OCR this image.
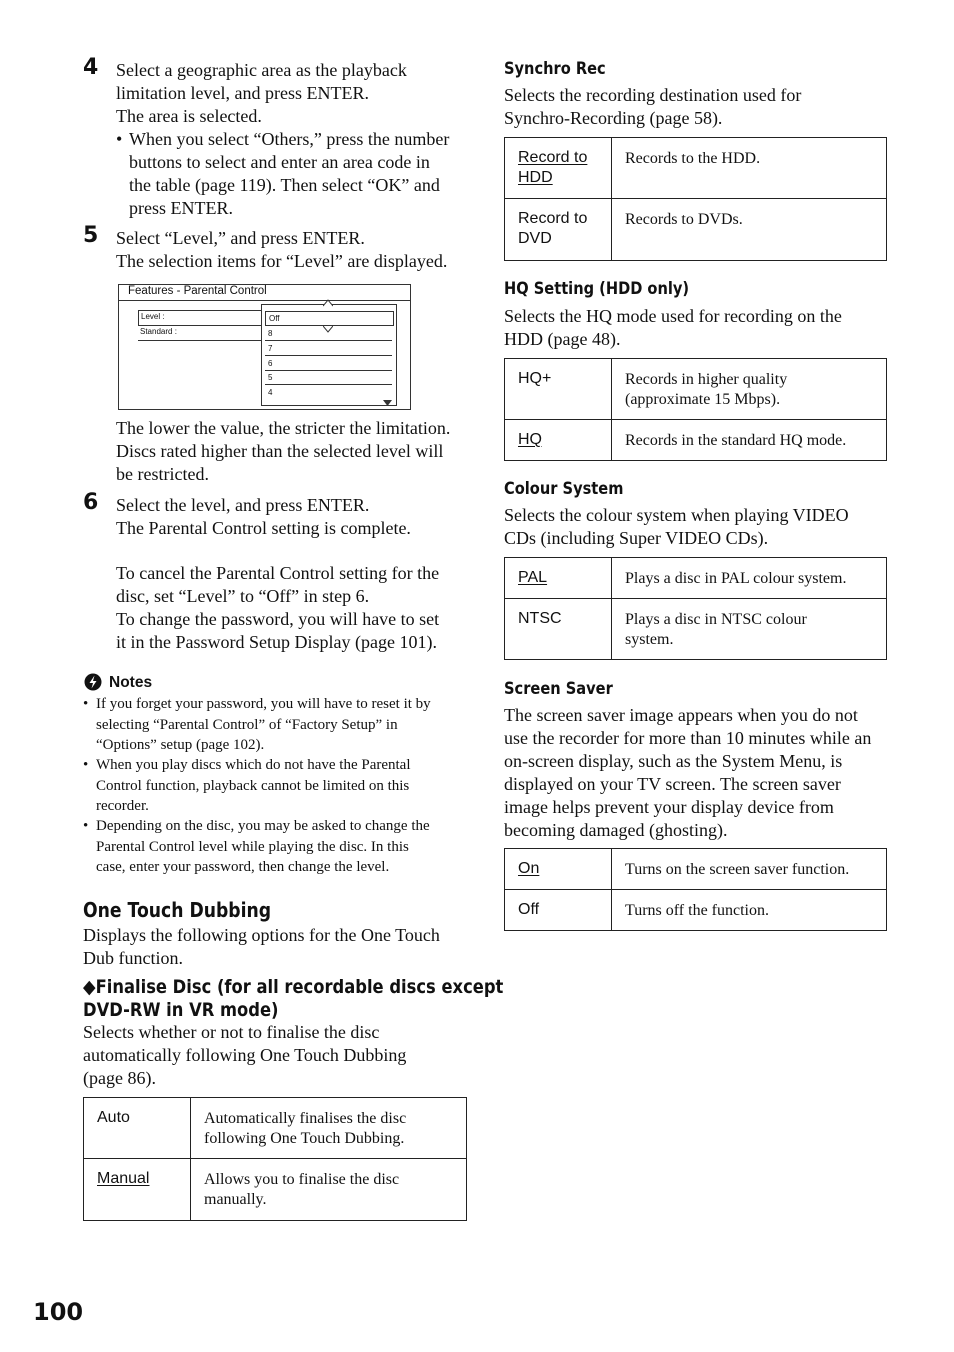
4 Select a geographic area as the playback
limitation level, and press ENTER.
The area is selected.
• When you select “Others,” press the number
buttons to select and enter an area code in
the table (page 119). Then select “OK” and
press ENTER.
5 Select “Level,” and press ENTER.
The selection items for “Level” are displayed.
Features - Parental Control
Level :
Standard :
Off
8
7
6
5
4
The lower the value, the stricter the limitation.
Discs rated higher than the selected level will
be restricted.
6 Select the level, and press ENTER.
The Parental Control setting is complete.
To cancel the Parental Control setting for the
disc, set “Level” to “Off” in step 6.
To change the password, you will have to set
it in the Password Setup Display (page 101).
Notes
• If you forget your password, you will have to reset it by
selecting “Parental Control” of “Factory Setup” in
“Options” setup (page 102).
• When you play discs which do not have the Parental
Control function, playback cannot be limited on this
recorder.
• Depending on the disc, you may be asked to change the
Parental Control level while playing the disc. In this
case, enter your password, then change the level.
One Touch Dubbing
Displays the following options for the One Touch
Dub function.
◆Finalise Disc (for all recordable discs except
DVD-RW in VR mode)
Selects whether or not to finalise the disc
automatically following One Touch Dubbing
(page 86).
Auto	Automatically finalises the disc
following One Touch Dubbing.

Manual	Allows you to finalise the disc
manually.
100
Synchro Rec
Selects the recording destination used for
Synchro-Recording (page 58).
Record to
HDD	Records to the HDD.
Record to
DVD	Records to DVDs.
HQ Setting (HDD only)
Selects the HQ mode used for recording on the
HDD (page 48).
HQ+	Records in higher quality
(approximate 15 Mbps).

HQ	Records in the standard HQ mode.
Colour System
Selects the colour system when playing VIDEO
CDs (including Super VIDEO CDs).
PAL	Plays a disc in PAL colour system.
NTSC	Plays a disc in NTSC colour
system.
Screen Saver
The screen saver image appears when you do not
use the recorder for more than 10 minutes while an
on-screen display, such as the System Menu, is
displayed on your TV screen. The screen saver
image helps prevent your display device from
becoming damaged (ghosting).
On	Turns on the screen saver function.
Off	Turns off the function.
